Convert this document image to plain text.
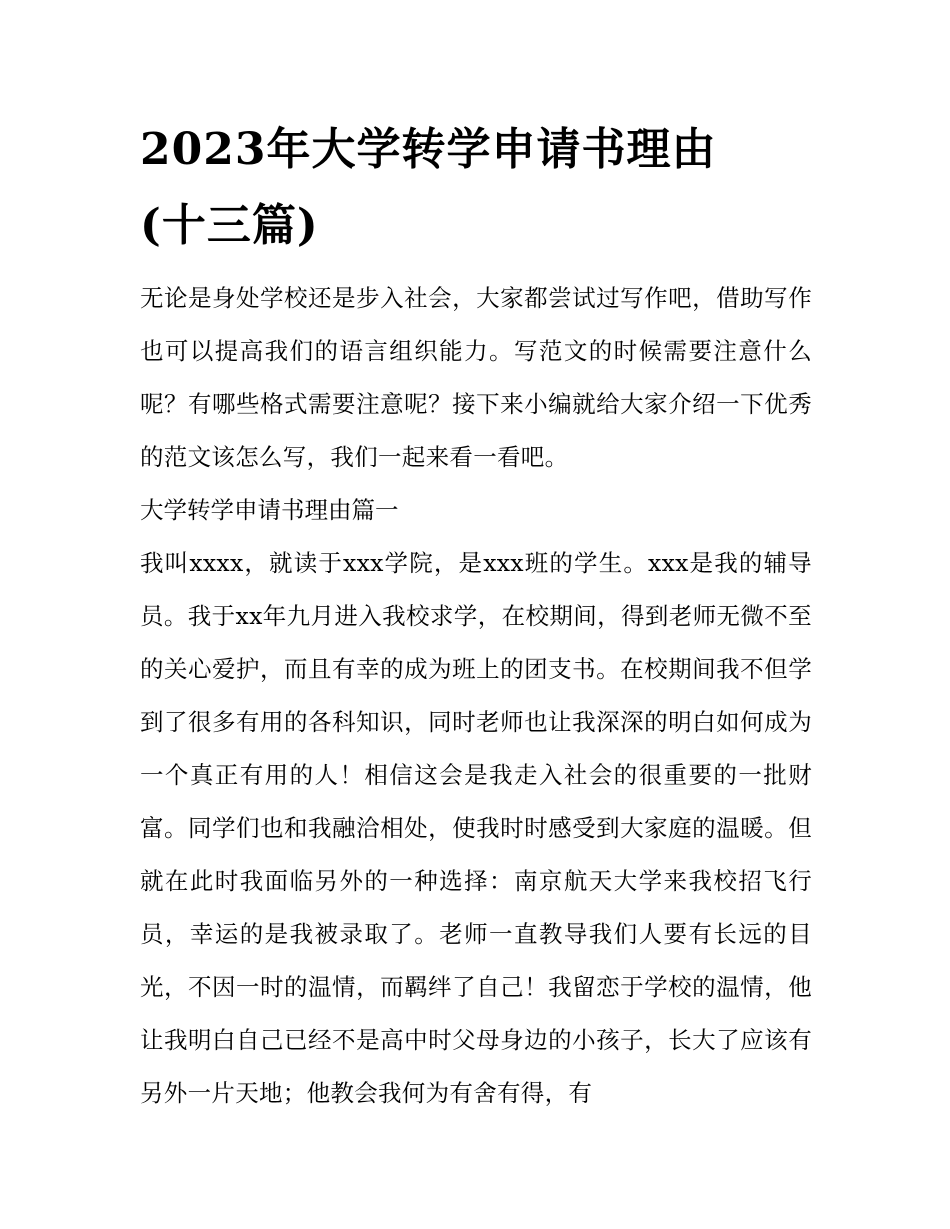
2023年大学转学申请书理由
(十三篇)

无论是身处学校还是步入社会，大家都尝试过写作吧，借助写作也可以提高我们的语言组织能力。写范文的时候需要注意什么呢？有哪些格式需要注意呢？接下来小编就给大家介绍一下优秀的范文该怎么写，我们一起来看一看吧。

大学转学申请书理由篇一

我叫xxxx，就读于xxx学院，是xxx班的学生。xxx是我的辅导员。我于xx年九月进入我校求学，在校期间，得到老师无微不至的关心爱护，而且有幸的成为班上的团支书。在校期间我不但学到了很多有用的各科知识，同时老师也让我深深的明白如何成为一个真正有用的人！相信这会是我走入社会的很重要的一批财富。同学们也和我融洽相处，使我时时感受到大家庭的温暖。但就在此时我面临另外的一种选择：南京航天大学来我校招飞行员，幸运的是我被录取了。老师一直教导我们人要有长远的目光，不因一时的温情，而羁绊了自己！我留恋于学校的温情，他让我明白自己已经不是高中时父母身边的小孩子，长大了应该有另外一片天地；他教会我何为有舍有得，有
